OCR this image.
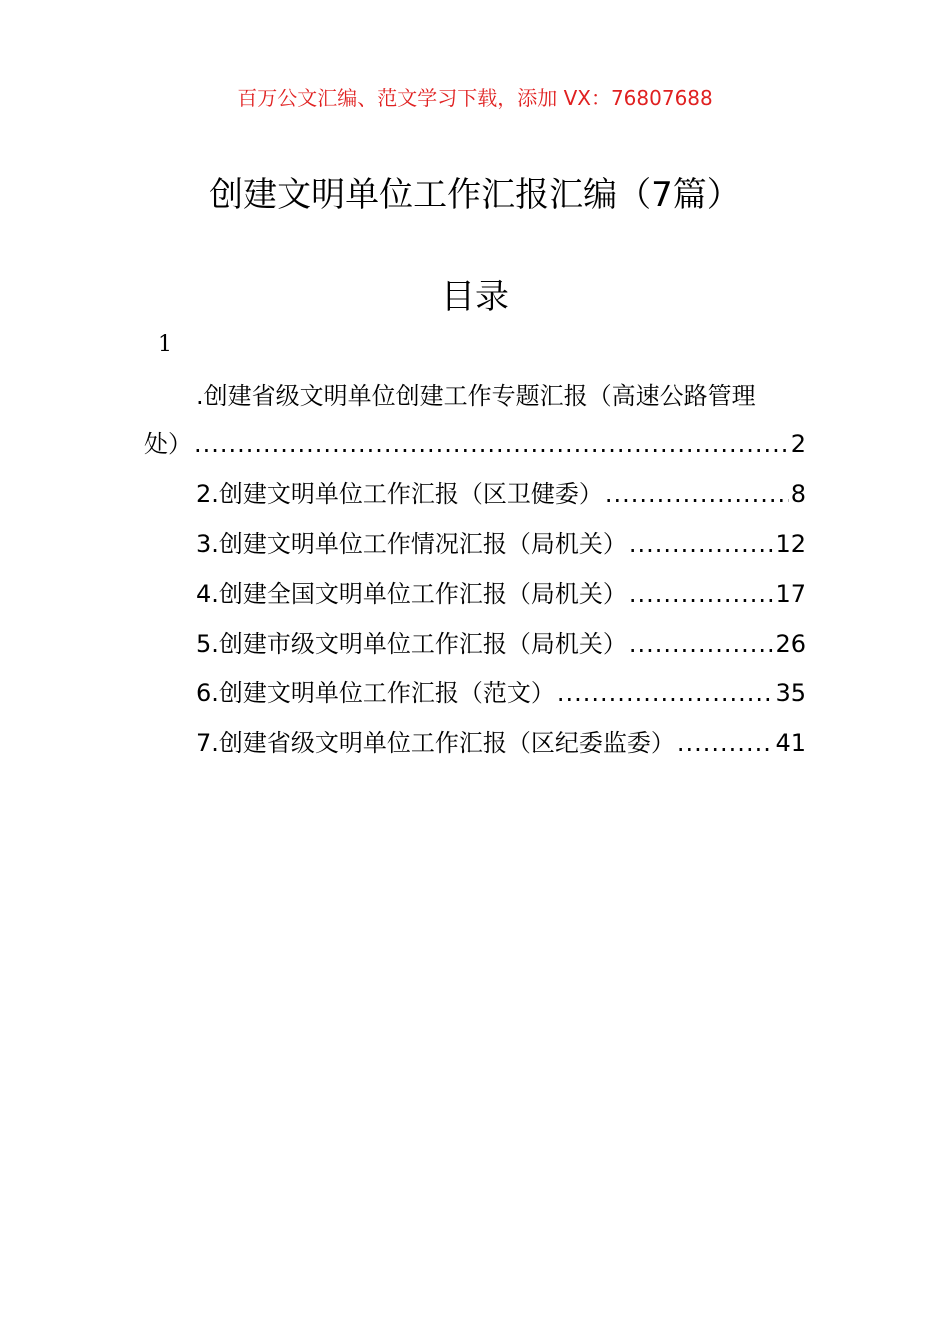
百万公文汇编、范文学习下载，添加 VX：76807688
创建文明单位工作汇报汇编（7篇）
目录
1
.创建省级文明单位创建工作专题汇报（高速公路管理
处） .....	2
2.创建文明单位工作汇报（区卫健委） .....	8
3.创建文明单位工作情况汇报（局机关） .....	12
4.创建全国文明单位工作汇报（局机关） .....	17
5.创建市级文明单位工作汇报（局机关） .....	26
6.创建文明单位工作汇报（范文） .....	35
7.创建省级文明单位工作汇报（区纪委监委） .....	41
